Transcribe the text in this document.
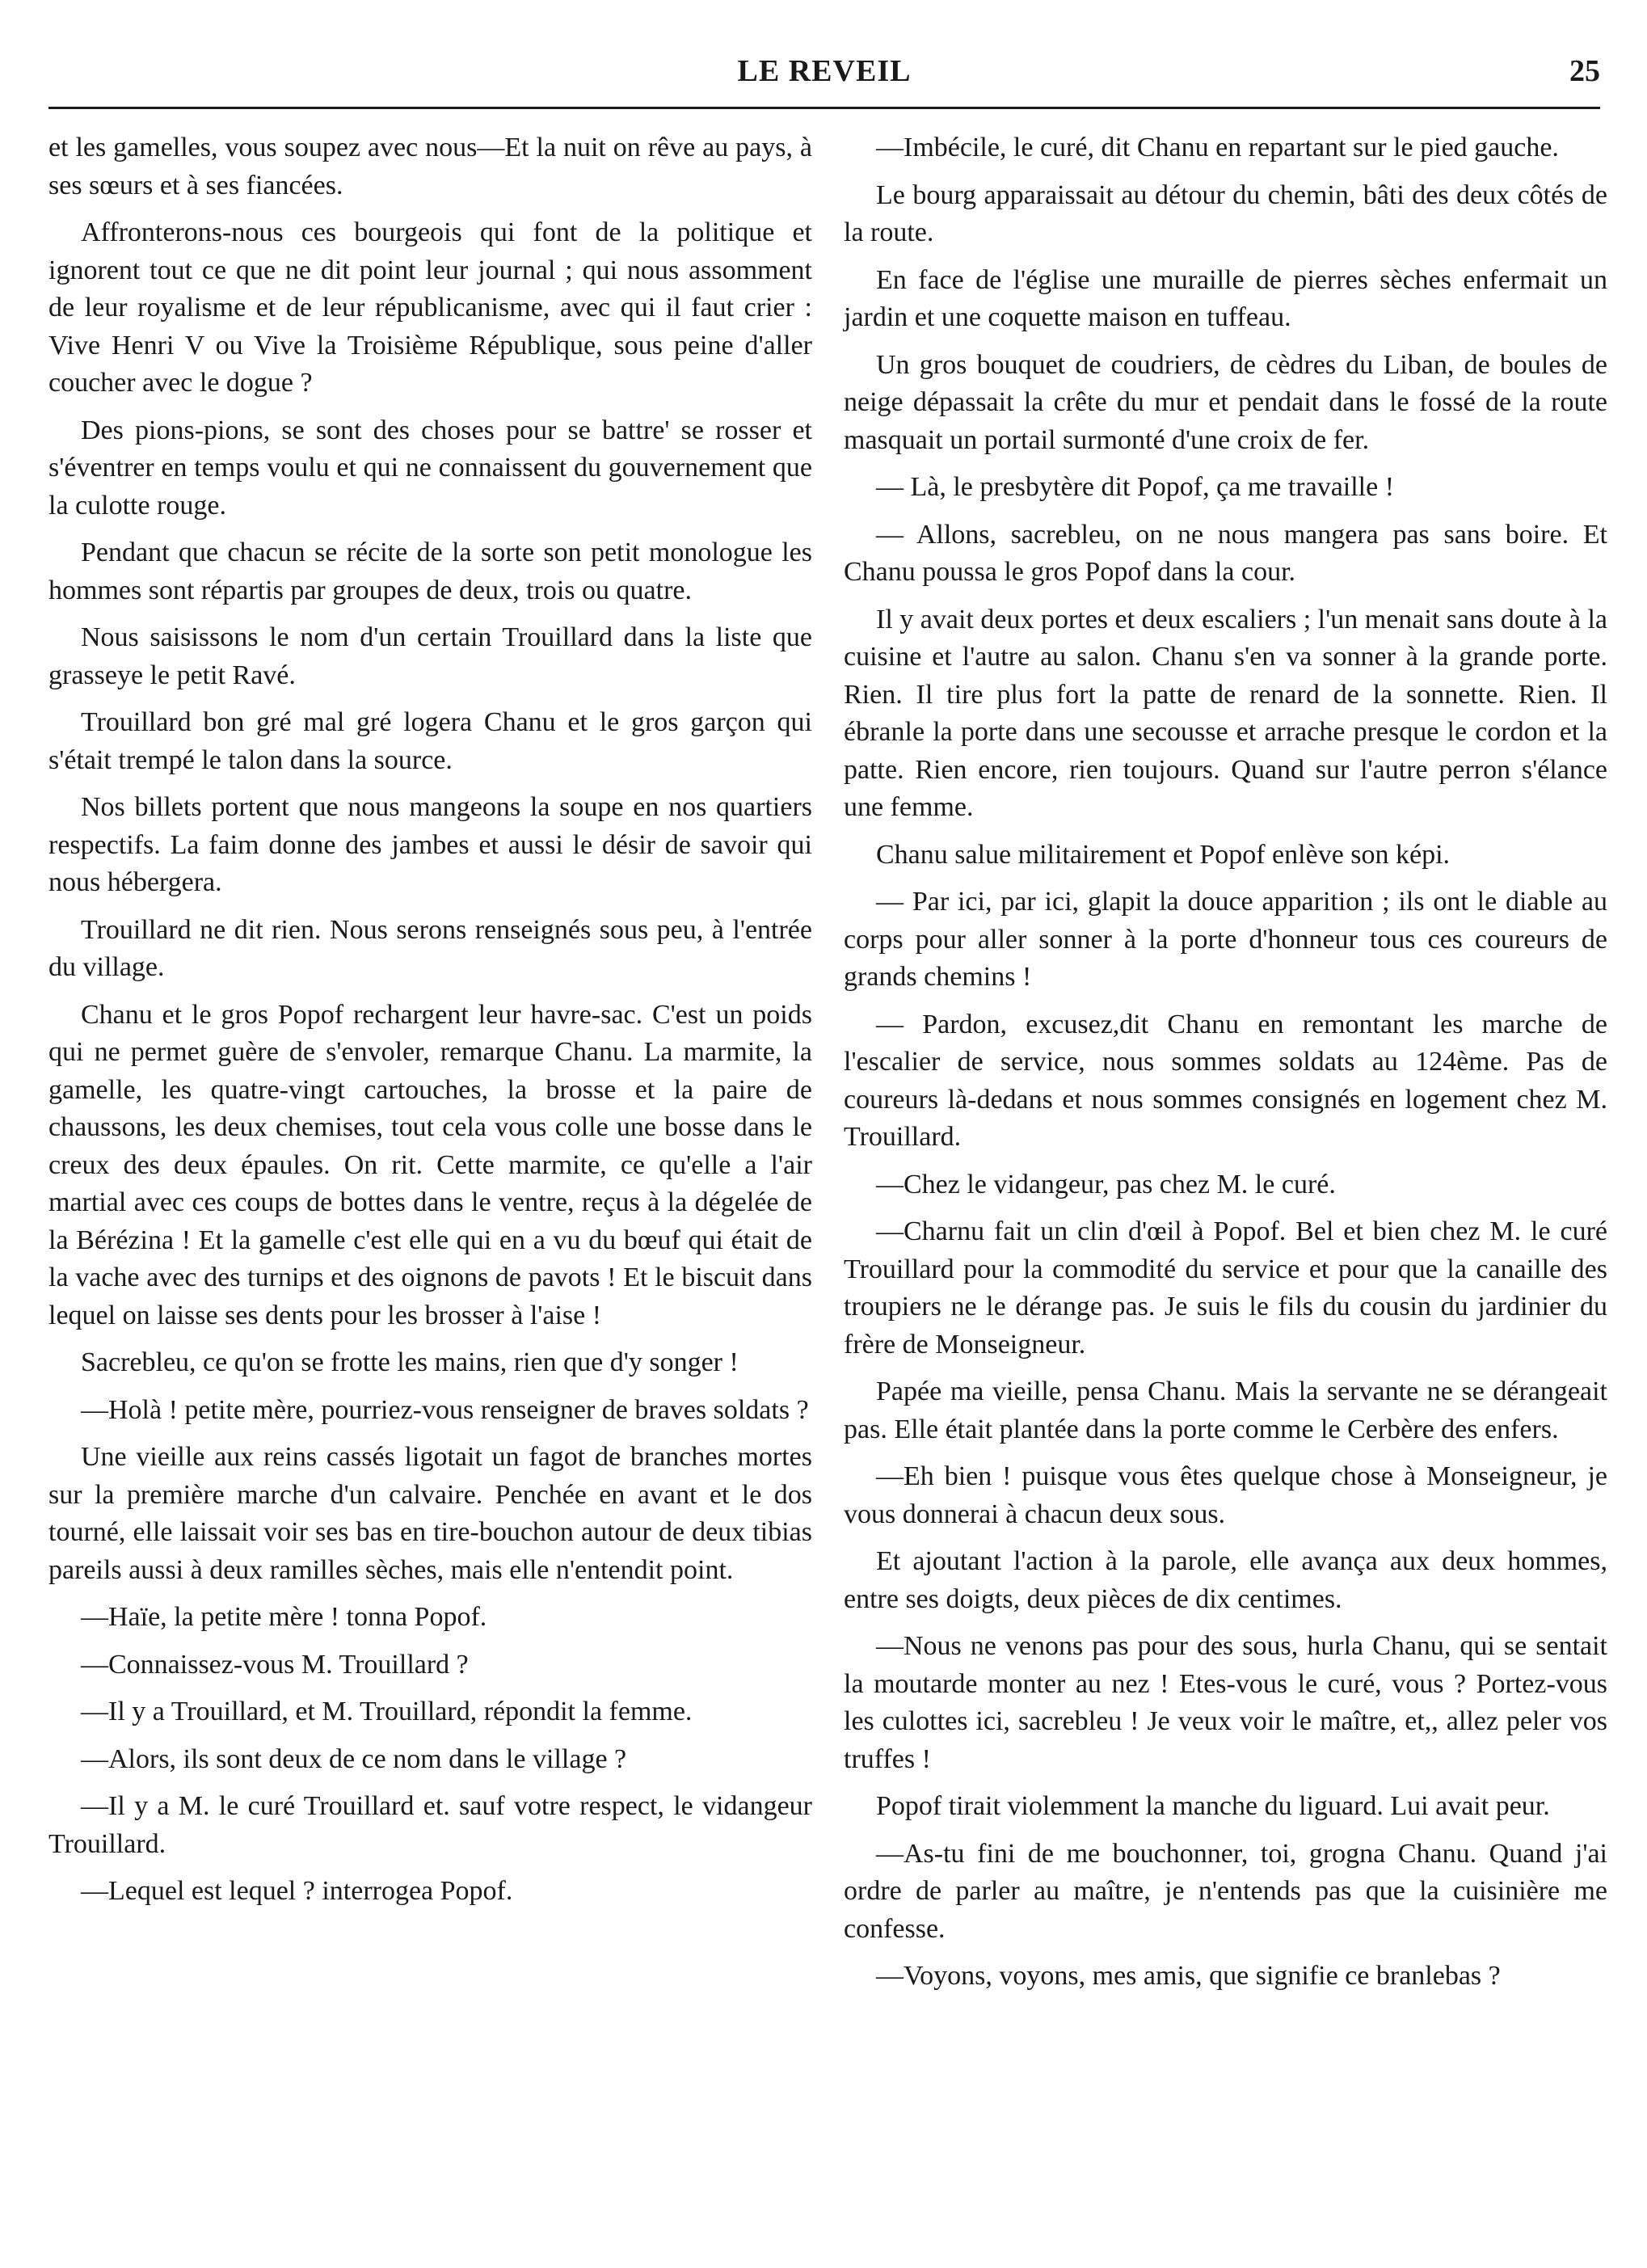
LE REVEIL	25

et les gamelles, vous soupez avec nous—Et la nuit on rêve au pays, à ses sœurs et à ses fiancées.

Affronterons-nous ces bourgeois qui font de la politique et ignorent tout ce que ne dit point leur journal ; qui nous assomment de leur royalisme et de leur républicanisme, avec qui il faut crier : Vive Henri V ou Vive la Troisième République, sous peine d'aller coucher avec le dogue ?

Des pions-pions, se sont des choses pour se battre' se rosser et s'éventrer en temps voulu et qui ne connaissent du gouvernement que la culotte rouge.

Pendant que chacun se récite de la sorte son petit monologue les hommes sont répartis par groupes de deux, trois ou quatre.

Nous saisissons le nom d'un certain Trouillard dans la liste que grasseye le petit Ravé.

Trouillard bon gré mal gré logera Chanu et le gros garçon qui s'était trempé le talon dans la source.

Nos billets portent que nous mangeons la soupe en nos quartiers respectifs. La faim donne des jambes et aussi le désir de savoir qui nous hébergera.

Trouillard ne dit rien. Nous serons renseignés sous peu, à l'entrée du village.

Chanu et le gros Popof rechargent leur havre-sac. C'est un poids qui ne permet guère de s'envoler, remarque Chanu. La marmite, la gamelle, les quatre-vingt cartouches, la brosse et la paire de chaussons, les deux chemises, tout cela vous colle une bosse dans le creux des deux épaules. On rit. Cette marmite, ce qu'elle a l'air martial avec ces coups de bottes dans le ventre, reçus à la dégelée de la Bérézina ! Et la gamelle c'est elle qui en a vu du bœuf qui était de la vache avec des turnips et des oignons de pavots ! Et le biscuit dans lequel on laisse ses dents pour les brosser à l'aise !

Sacrebleu, ce qu'on se frotte les mains, rien que d'y songer !

—Holà ! petite mère, pourriez-vous renseigner de braves soldats ?

Une vieille aux reins cassés ligotait un fagot de branches mortes sur la première marche d'un calvaire. Penchée en avant et le dos tourné, elle laissait voir ses bas en tire-bouchon autour de deux tibias pareils aussi à deux ramilles sèches, mais elle n'entendit point.

—Haïe, la petite mère ! tonna Popof.

—Connaissez-vous M. Trouillard ?

—Il y a Trouillard, et M. Trouillard, répondit la femme.

—Alors, ils sont deux de ce nom dans le village ?

—Il y a M. le curé Trouillard et. sauf votre respect, le vidangeur Trouillard.

—Lequel est lequel ? interrogea Popof.

—Imbécile, le curé, dit Chanu en repartant sur le pied gauche.

Le bourg apparaissait au détour du chemin, bâti des deux côtés de la route.

En face de l'église une muraille de pierres sèches enfermait un jardin et une coquette maison en tuffeau.

Un gros bouquet de coudriers, de cèdres du Liban, de boules de neige dépassait la crête du mur et pendait dans le fossé de la route masquait un portail surmonté d'une croix de fer.

— Là, le presbytère dit Popof, ça me travaille !

— Allons, sacrebleu, on ne nous mangera pas sans boire. Et Chanu poussa le gros Popof dans la cour.

Il y avait deux portes et deux escaliers ; l'un menait sans doute à la cuisine et l'autre au salon. Chanu s'en va sonner à la grande porte. Rien. Il tire plus fort la patte de renard de la sonnette. Rien. Il ébranle la porte dans une secousse et arrache presque le cordon et la patte. Rien encore, rien toujours. Quand sur l'autre perron s'élance une femme.

Chanu salue militairement et Popof enlève son képi.

— Par ici, par ici, glapit la douce apparition ; ils ont le diable au corps pour aller sonner à la porte d'honneur tous ces coureurs de grands chemins !

— Pardon, excusez,dit Chanu en remontant les marche de l'escalier de service, nous sommes soldats au 124ème. Pas de coureurs là-dedans et nous sommes consignés en logement chez M. Trouillard.

—Chez le vidangeur, pas chez M. le curé.

—Charnu fait un clin d'œil à Popof. Bel et bien chez M. le curé Trouillard pour la commodité du service et pour que la canaille des troupiers ne le dérange pas. Je suis le fils du cousin du jardinier du frère de Monseigneur.

Papée ma vieille, pensa Chanu. Mais la servante ne se dérangeait pas. Elle était plantée dans la porte comme le Cerbère des enfers.

—Eh bien ! puisque vous êtes quelque chose à Monseigneur, je vous donnerai à chacun deux sous.

Et ajoutant l'action à la parole, elle avança aux deux hommes, entre ses doigts, deux pièces de dix centimes.

—Nous ne venons pas pour des sous, hurla Chanu, qui se sentait la moutarde monter au nez ! Etes-vous le curé, vous ? Portez-vous les culottes ici, sacrebleu ! Je veux voir le maître, et,, allez peler vos truffes !

Popof tirait violemment la manche du liguard. Lui avait peur.

—As-tu fini de me bouchonner, toi, grogna Chanu. Quand j'ai ordre de parler au maître, je n'entends pas que la cuisinière me confesse.

—Voyons, voyons, mes amis, que signifie ce branlebas ?
